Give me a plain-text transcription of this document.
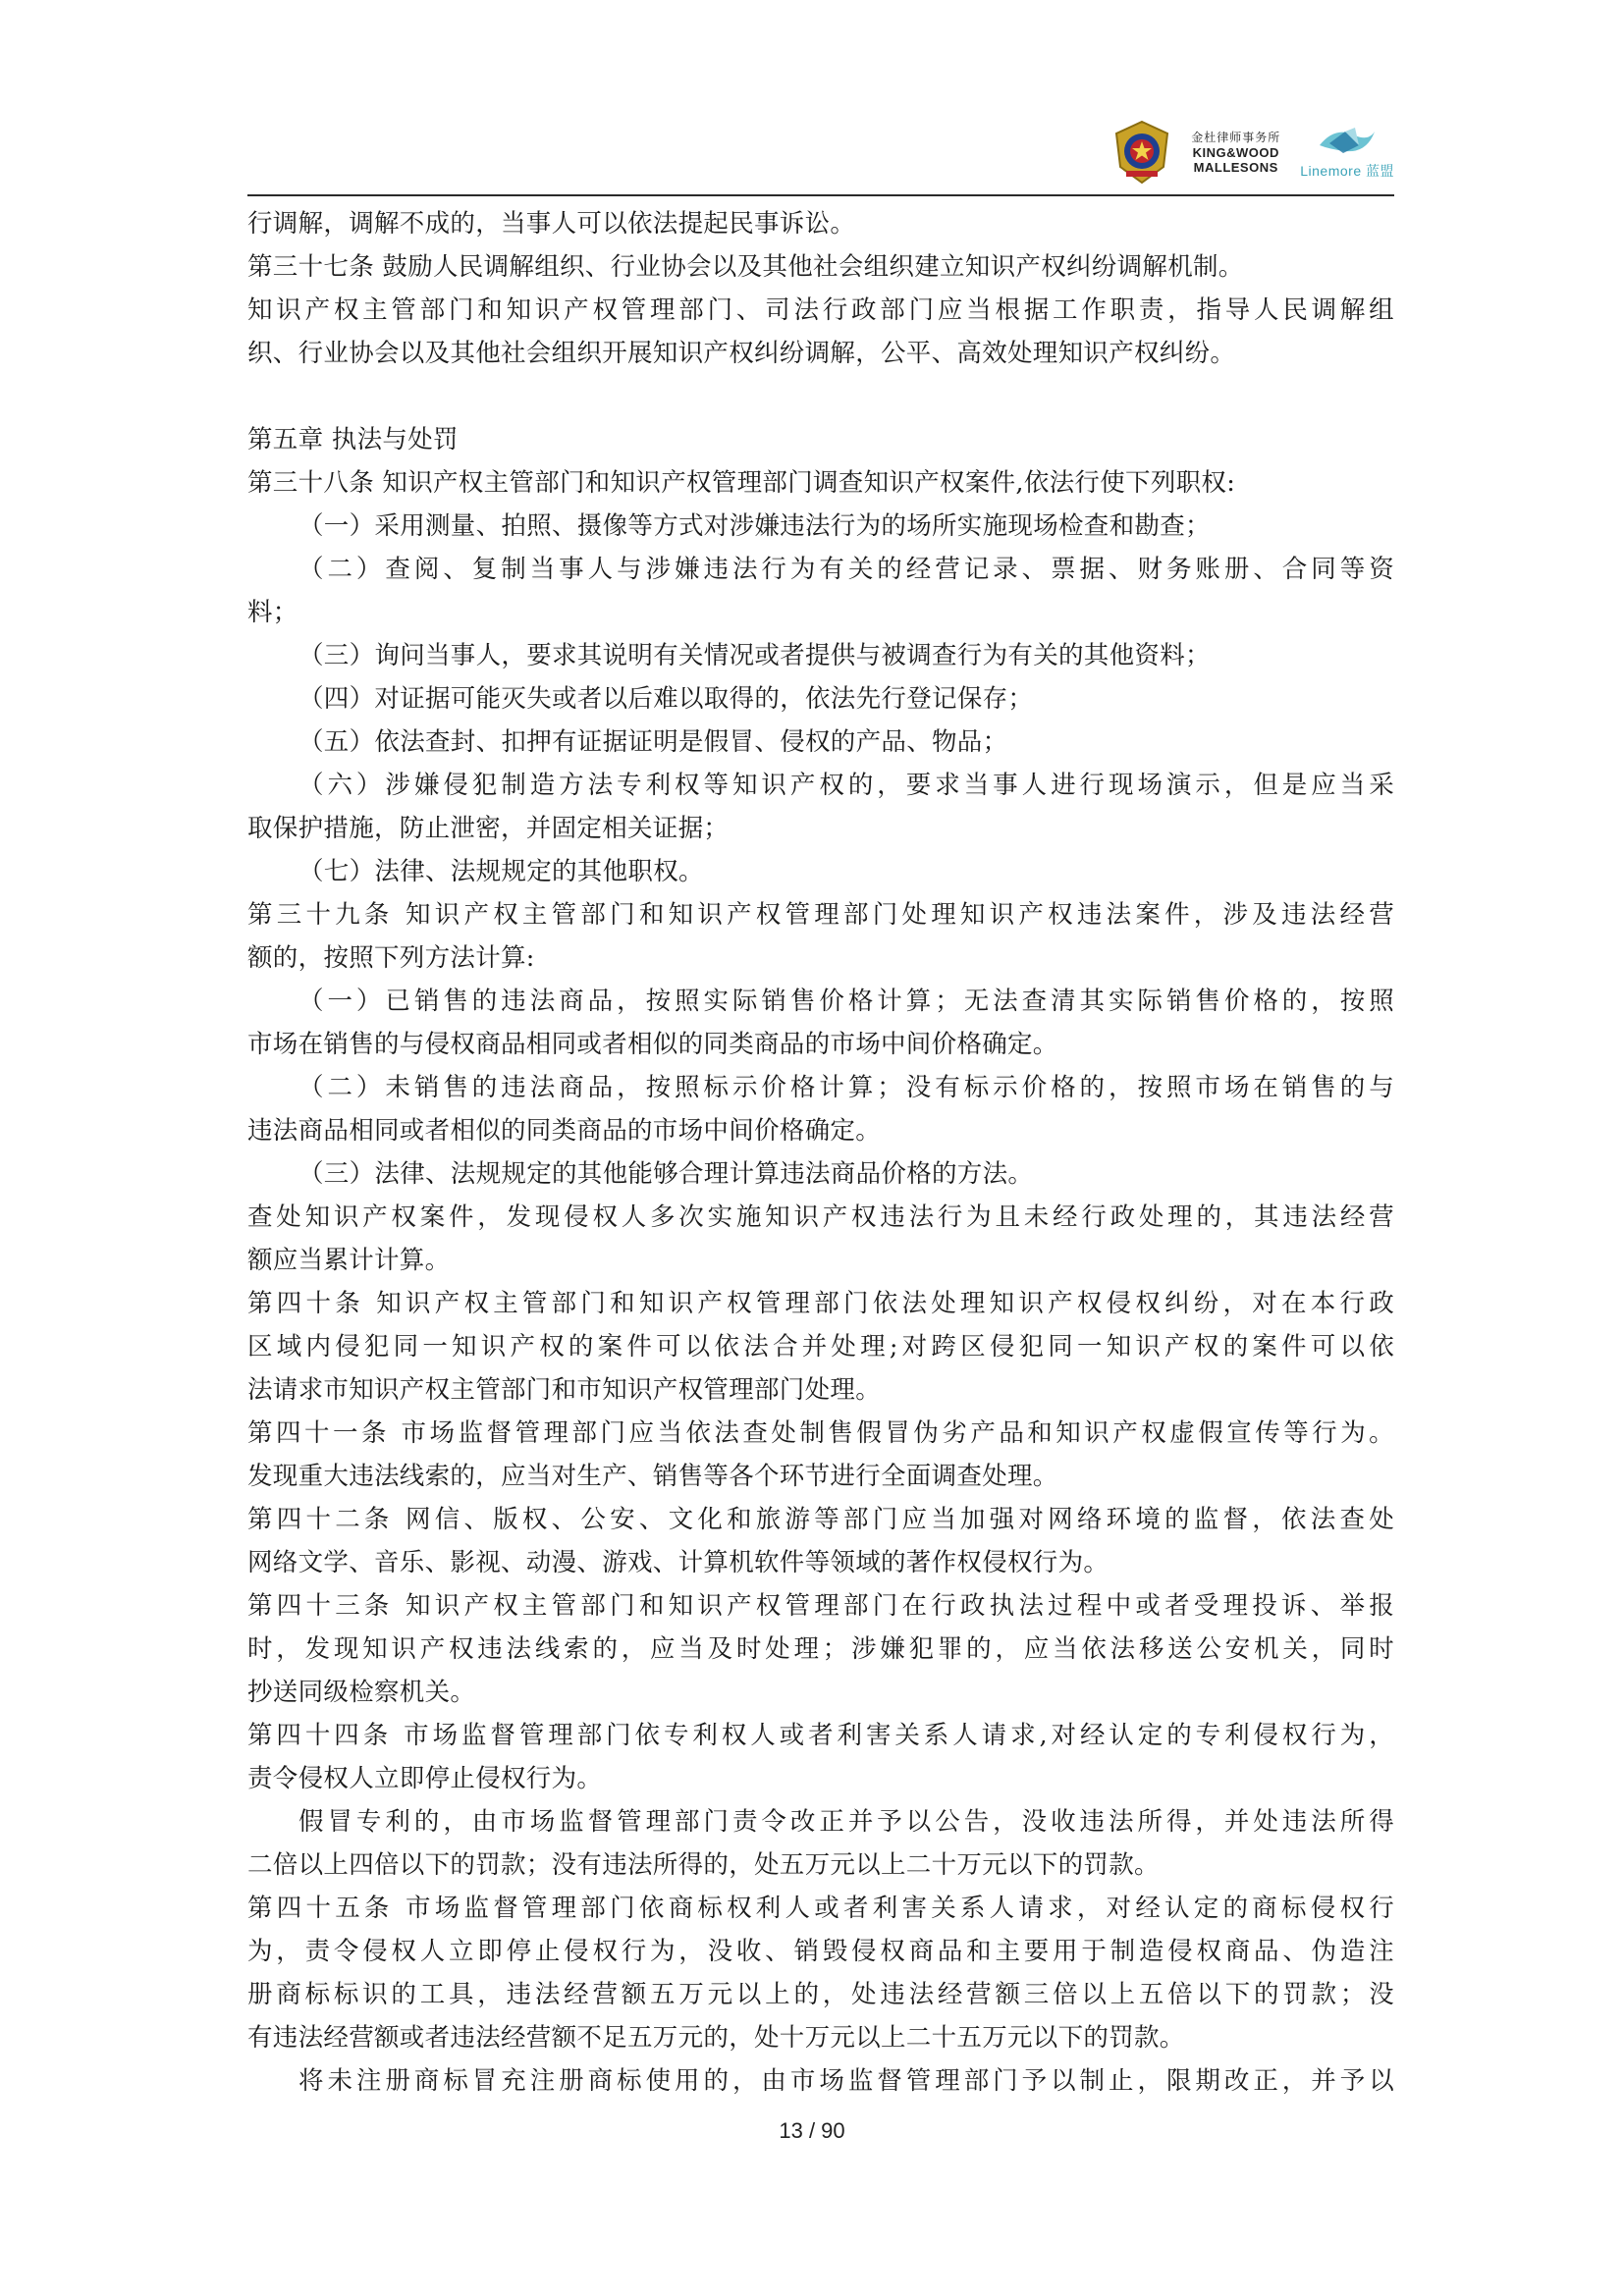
金杜律师事务所
KING&WOOD
MALLESONS Linemore 蓝盟
行调解，调解不成的，当事人可以依法提起民事诉讼。
第三十七条 鼓励人民调解组织、行业协会以及其他社会组织建立知识产权纠纷调解机制。
知识产权主管部门和知识产权管理部门、司法行政部门应当根据工作职责，指导人民调解组
织、行业协会以及其他社会组织开展知识产权纠纷调解，公平、高效处理知识产权纠纷。
第五章 执法与处罚
第三十八条 知识产权主管部门和知识产权管理部门调查知识产权案件,依法行使下列职权:
（一）采用测量、拍照、摄像等方式对涉嫌违法行为的场所实施现场检查和勘查；
（二）查阅、复制当事人与涉嫌违法行为有关的经营记录、票据、财务账册、合同等资
料；
（三）询问当事人，要求其说明有关情况或者提供与被调查行为有关的其他资料；
（四）对证据可能灭失或者以后难以取得的，依法先行登记保存；
（五）依法查封、扣押有证据证明是假冒、侵权的产品、物品；
（六）涉嫌侵犯制造方法专利权等知识产权的，要求当事人进行现场演示，但是应当采
取保护措施，防止泄密，并固定相关证据；
（七）法律、法规规定的其他职权。
第三十九条 知识产权主管部门和知识产权管理部门处理知识产权违法案件，涉及违法经营
额的，按照下列方法计算:
（一）已销售的违法商品，按照实际销售价格计算；无法查清其实际销售价格的，按照
市场在销售的与侵权商品相同或者相似的同类商品的市场中间价格确定。
（二）未销售的违法商品，按照标示价格计算；没有标示价格的，按照市场在销售的与
违法商品相同或者相似的同类商品的市场中间价格确定。
（三）法律、法规规定的其他能够合理计算违法商品价格的方法。
查处知识产权案件，发现侵权人多次实施知识产权违法行为且未经行政处理的，其违法经营
额应当累计计算。
第四十条 知识产权主管部门和知识产权管理部门依法处理知识产权侵权纠纷，对在本行政
区域内侵犯同一知识产权的案件可以依法合并处理;对跨区侵犯同一知识产权的案件可以依
法请求市知识产权主管部门和市知识产权管理部门处理。
第四十一条 市场监督管理部门应当依法查处制售假冒伪劣产品和知识产权虚假宣传等行为。
发现重大违法线索的，应当对生产、销售等各个环节进行全面调查处理。
第四十二条 网信、版权、公安、文化和旅游等部门应当加强对网络环境的监督，依法查处
网络文学、音乐、影视、动漫、游戏、计算机软件等领域的著作权侵权行为。
第四十三条 知识产权主管部门和知识产权管理部门在行政执法过程中或者受理投诉、举报
时，发现知识产权违法线索的，应当及时处理；涉嫌犯罪的，应当依法移送公安机关，同时
抄送同级检察机关。
第四十四条 市场监督管理部门依专利权人或者利害关系人请求,对经认定的专利侵权行为，
责令侵权人立即停止侵权行为。
假冒专利的，由市场监督管理部门责令改正并予以公告，没收违法所得，并处违法所得
二倍以上四倍以下的罚款；没有违法所得的，处五万元以上二十万元以下的罚款。
第四十五条 市场监督管理部门依商标权利人或者利害关系人请求，对经认定的商标侵权行
为，责令侵权人立即停止侵权行为，没收、销毁侵权商品和主要用于制造侵权商品、伪造注
册商标标识的工具，违法经营额五万元以上的，处违法经营额三倍以上五倍以下的罚款；没
有违法经营额或者违法经营额不足五万元的，处十万元以上二十五万元以下的罚款。
将未注册商标冒充注册商标使用的，由市场监督管理部门予以制止，限期改正，并予以
13 / 90
